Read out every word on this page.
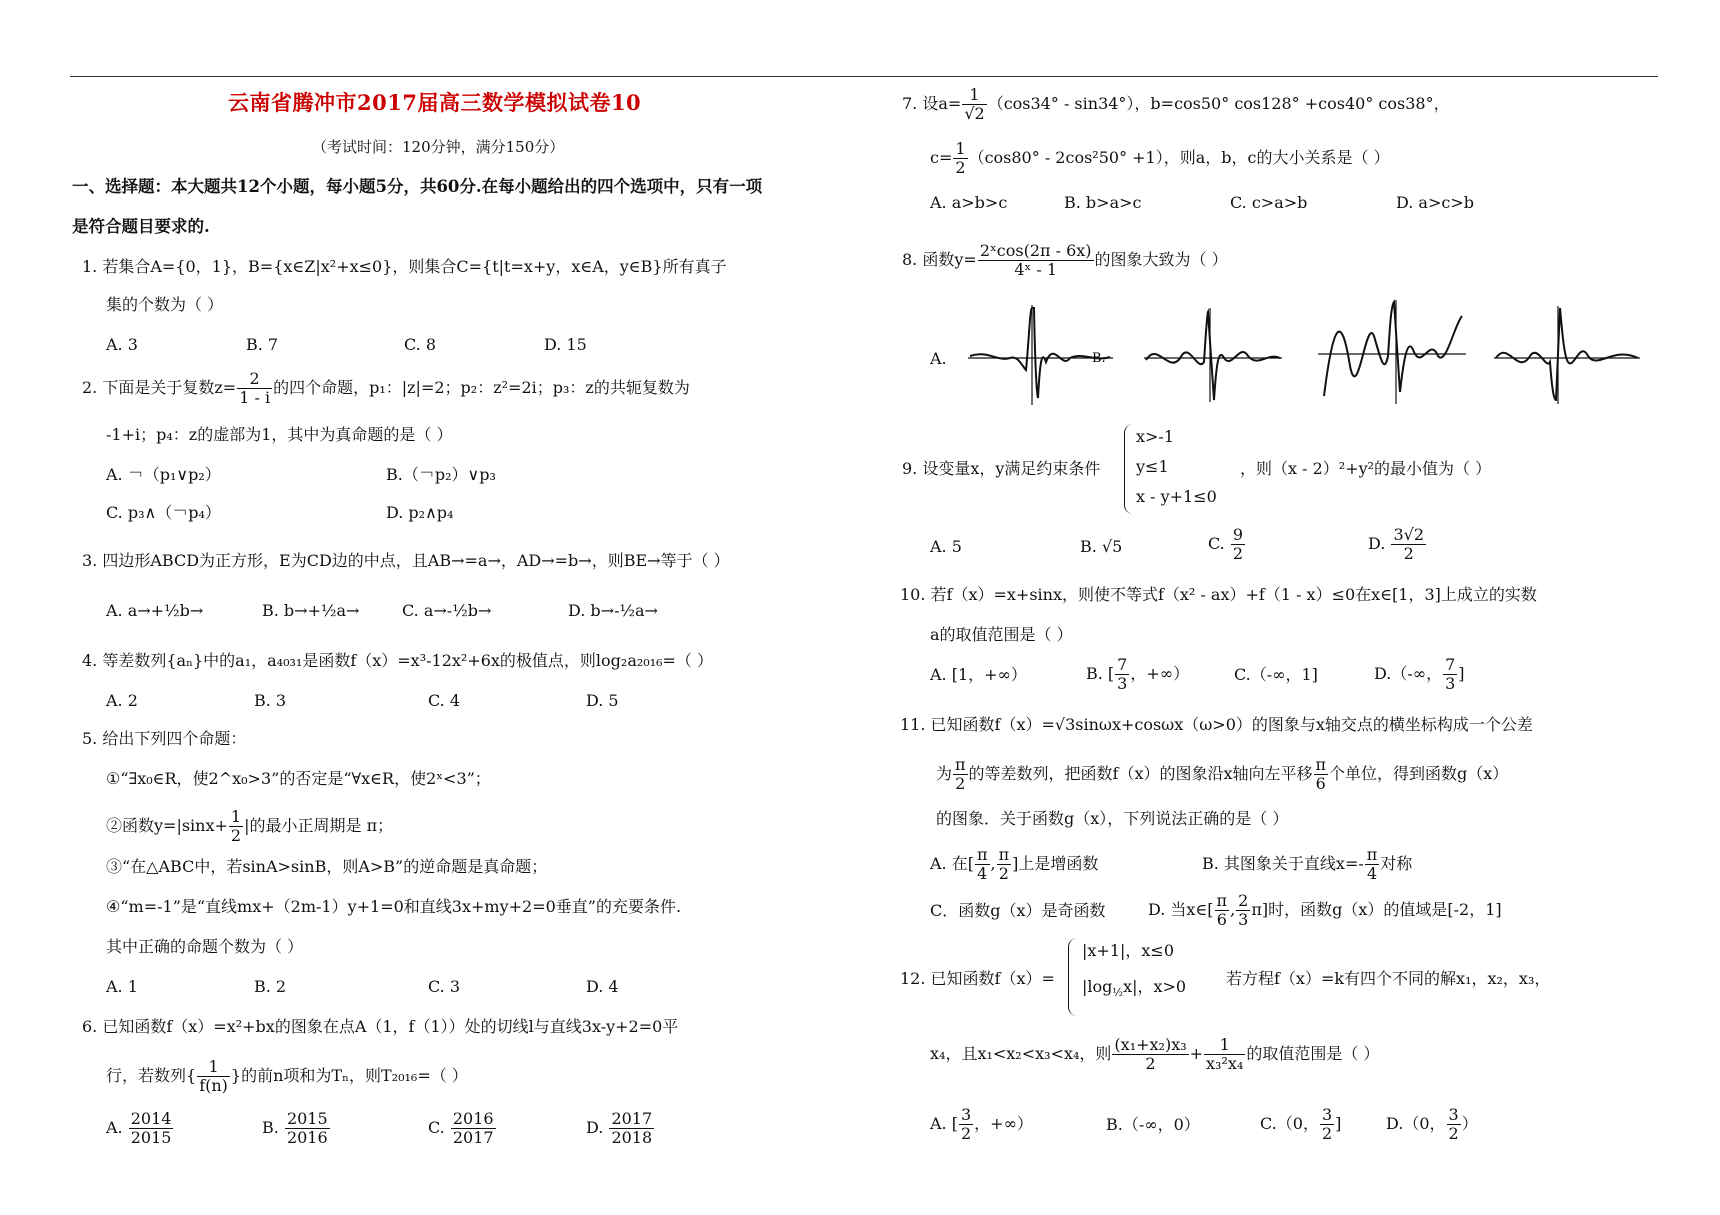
云南省腾冲市2017届高三数学模拟试卷10
（考试时间：120分钟，满分150分）
一、选择题：本大题共12个小题，每小题5分，共60分.在每小题给出的四个选项中，只有一项
是符合题目要求的.
1. 若集合A={0，1}，B={x∈Z|x²+x≤0}，则集合C={t|t=x+y，x∈A，y∈B}所有真子
集的个数为（ ）
A. 3	B. 7	C. 8	D. 15
2. 下面是关于复数$z= \frac{2}{1 - i}$ 的四个命题，p₁：|z|=2；p₂：z²=2i；p₃：z的共轭复数为
-1+i；p₄：z的虚部为1，其中为真命题的是（ ）
A. ￢（p₁∨p₂）	B.（￢p₂）∨p₃
C. p₃∧（￢p₄）	D. p₂∧p₄
3. 四边形ABCD为正方形，E为CD边的中点，且AB→=a→，AD→=b→，则BE→等于（ ）
A. a→+½b→	B. b→+½a→	C. a→-½b→	D. b→-½a→
4. 等差数列{aₙ}中的a₁，a₄₀₃₁是函数f（x）=x³-12x²+6x的极值点，则log₂a₂₀₁₆=（ ）
A. 2	B. 3	C. 4	D. 5
5. 给出下列四个命题：
①“∃x₀∈R，使2^x₀>3”的否定是“∀x∈R，使2ˣ<3”；
②函数$y=|\sin x+ \frac{1}{2}$ |的最小正周期是 π；
③“在△ABC中，若sinA>sinB，则A>B”的逆命题是真命题；
④“m=-1”是“直线mx+（2m-1）y+1=0和直线3x+my+2=0垂直”的充要条件.
其中正确的命题个数为（ ）
A. 1	B. 2	C. 3	D. 4
6. 已知函数f（x）=x²+bx的图象在点A（1，f（1））处的切线l与直线3x-y+2=0平
行，若数列{ $\frac{1}{f(n)}$ }的前n项和为Tₙ，则T₂₀₁₆=（ ）
A. $\frac{2014}{2015}$	B. $\frac{2015}{2016}$	C. $\frac{2016}{2017}$	D. $\frac{2017}{2018}$
7. 设$a= \frac{1}{√2} (\cos 34^\circ - \sin 34^\circ)$，b=cos50° cos128° +cos40° cos38°，
$c= \frac{1}{2} (\cos 80^\circ - 2\cos^250^\circ +1)$，则a，b，c的大小关系是（ ）
A. a>b>c	B. b>a>c	C. c>a>b	D. a>c>b
8. 函数$y= \frac{\text{2ˣcos(2π - 6x)}}{\text{4ˣ - 1}}$ 的图象大致为（ ）
A.	B.
9. 设变量x，y满足约束条件
x>-1
y≤1
x - y+1≤0
，则（x - 2）²+y²的最小值为（ ）
A. 5	B. √5	C. $\frac{9}{2}$	D. $\frac{3√2}{2}$
10. 若f（x）=x+sinx，则使不等式f（x² - ax）+f（1 - x）≤0在x∈[1，3]上成立的实数
a的取值范围是（ ）
A. [1，+∞）	B. [ $\frac{7}{3}$ ，+∞）	C.（-∞，1]	D.（-∞， $\frac{7}{3}$ ]
11. 已知函数f（x）=√3sinωx+cosωx（ω>0）的图象与x轴交点的横坐标构成一个公差
为 $\frac{\pi}{2}$ 的等差数列，把函数f（x）的图象沿x轴向左平移 $\frac{\pi}{6}$ 个单位，得到函数g（x）
的图象．关于函数g（x），下列说法正确的是（ ）
A. 在[ $\frac{\pi}{4}$ , $\frac{\pi}{2}$ ]上是增函数	B. 其图象关于直线$x=- \frac{\pi}{4}$ 对称
C．函数g（x）是奇函数	D. 当x∈[ $\frac{\pi}{6}$ , $\frac{2}{3} \pi$]时，函数g（x）的值域是[-2，1]
12. 已知函数f（x）=
|x+1|，x≤0
$|\log_{\frac{1}{2}}x|$，x>0 若方程f（x）=k有四个不同的解x₁，x₂，x₃，
x₄，且x₁<x₂<x₃<x₄，则 $\frac{\text{(x₁+x₂)x₃}}{2} + \frac{1}{\text{x₃²x₄}}$ 的取值范围是（ ）
A. [ $\frac{3}{2}$ ，+∞）	B.（-∞，0）	C.（0， $\frac{3}{2}$ ]	D.（0， $\frac{3}{2}$ ）
